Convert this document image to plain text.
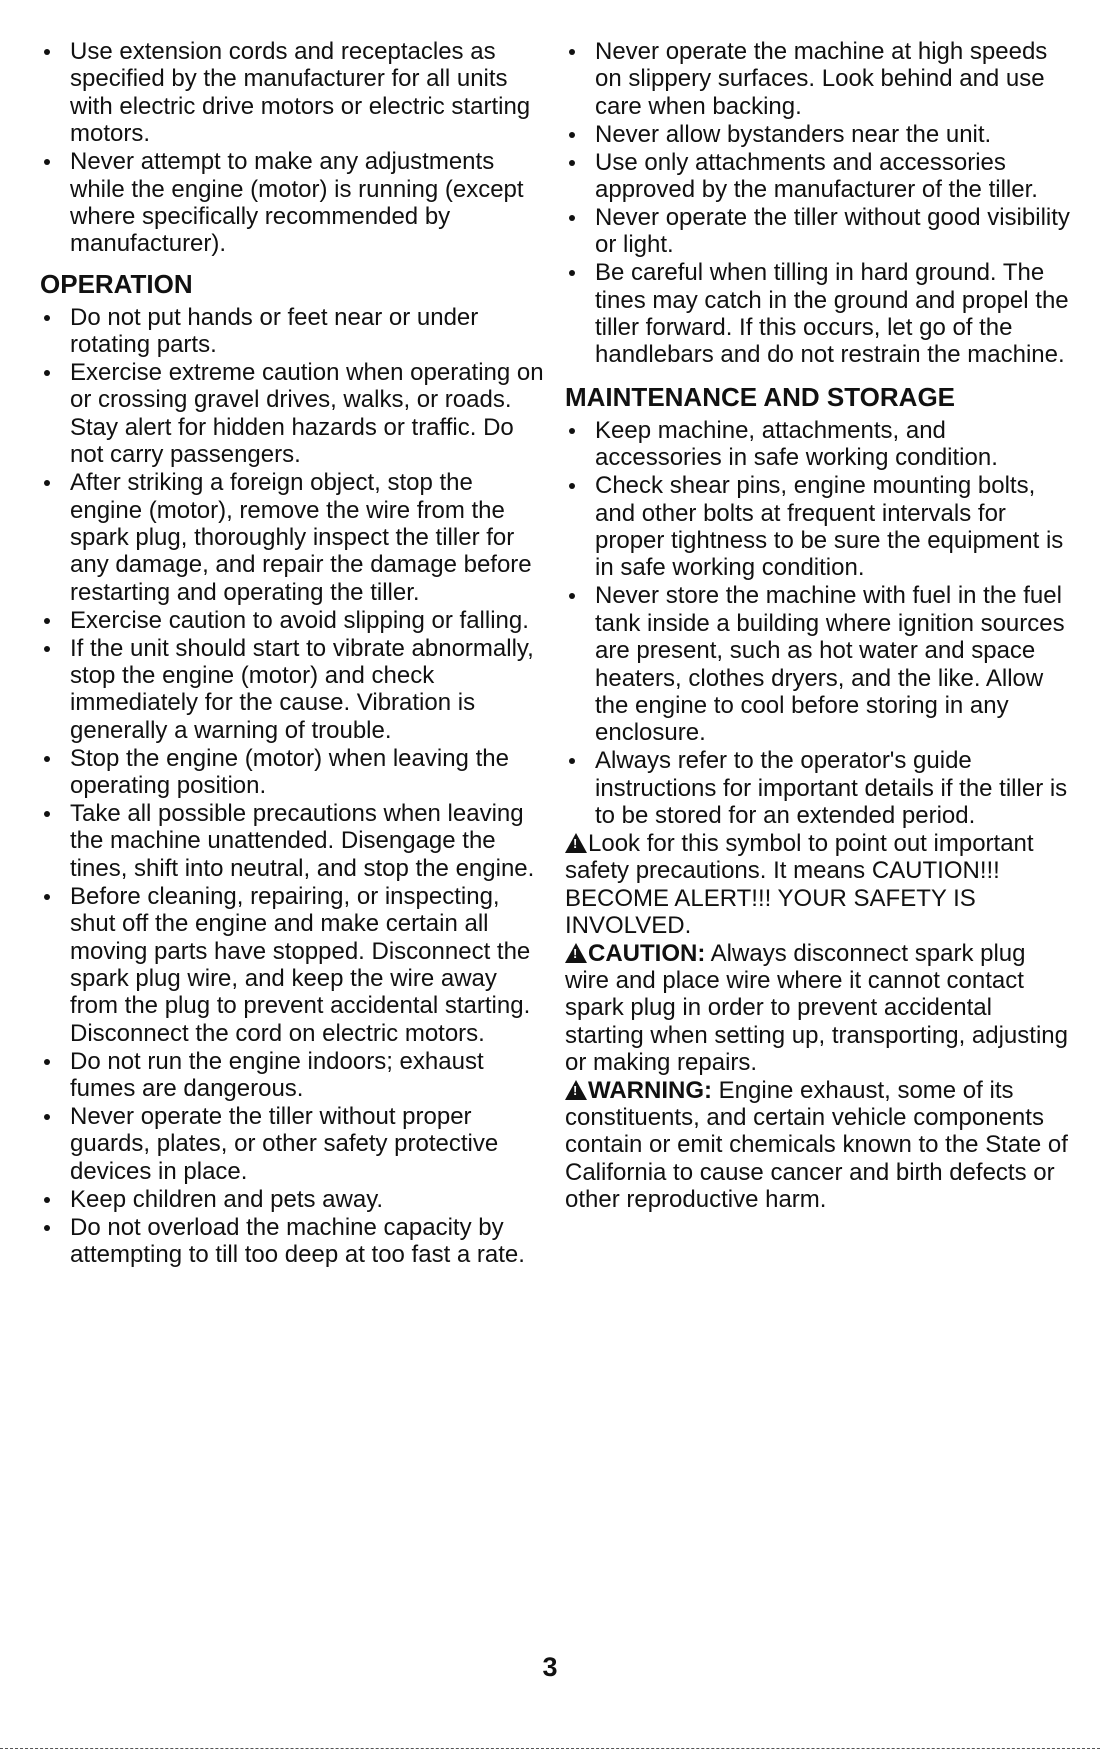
Use extension cords and receptacles as specified by the manufacturer for all units with electric drive motors or electric starting motors.
Never attempt to make any adjustments while the engine (motor) is running (except where specifically recommended by manufacturer).
OPERATION
Do not put hands or feet near or under rotating parts.
Exercise extreme caution when operating on or crossing gravel drives, walks, or roads. Stay alert for hidden hazards or traffic. Do not carry passengers.
After striking a foreign object, stop the engine (motor), remove the wire from the spark plug, thoroughly inspect the tiller for any damage, and repair the damage before restarting and operating the tiller.
Exercise caution to avoid slipping or falling.
If the unit should start to vibrate abnormally, stop the engine (motor) and check immediately for the cause. Vibration is generally a warning of trouble.
Stop the engine (motor) when leaving the operating position.
Take all possible precautions when leaving the machine unattended. Disengage the tines, shift into neutral, and stop the engine.
Before cleaning, repairing, or inspecting, shut off the engine and make certain all moving parts have stopped. Disconnect the spark plug wire, and keep the wire away from the plug to prevent accidental starting. Disconnect the cord on electric motors.
Do not run the engine indoors; exhaust fumes are dangerous.
Never operate the tiller without proper guards, plates, or other safety protective devices in place.
Keep children and pets away.
Do not overload the machine capacity by attempting to till too deep at too fast a rate.
Never operate the machine at high speeds on slippery surfaces. Look behind and use care when backing.
Never allow bystanders near the unit.
Use only attachments and accessories approved by the manufacturer of the tiller.
Never operate the tiller without good visibility or light.
Be careful when tilling in hard ground. The tines may catch in the ground and propel the tiller forward. If this occurs, let go of the handlebars and do not restrain the machine.
MAINTENANCE AND STORAGE
Keep machine, attachments, and accessories in safe working condition.
Check shear pins, engine mounting bolts, and other bolts at frequent intervals for proper tightness to be sure the equipment is in safe working condition.
Never store the machine with fuel in the fuel tank inside a building where ignition sources are present, such as hot water and space heaters, clothes dryers, and the like. Allow the engine to cool before storing in any enclosure.
Always refer to the operator's guide instructions for important details if the tiller is to be stored for an extended period.

!Look for this symbol to point out important safety precautions. It means CAUTION!!! BECOME ALERT!!! YOUR SAFETY IS INVOLVED.

!CAUTION: Always disconnect spark plug wire and place wire where it cannot contact spark plug in order to prevent accidental starting when setting up, transporting, adjusting or making repairs.

!WARNING: Engine exhaust, some of its constituents, and certain vehicle components contain or emit chemicals known to the State of California to cause cancer and birth defects or other reproductive harm.

3
